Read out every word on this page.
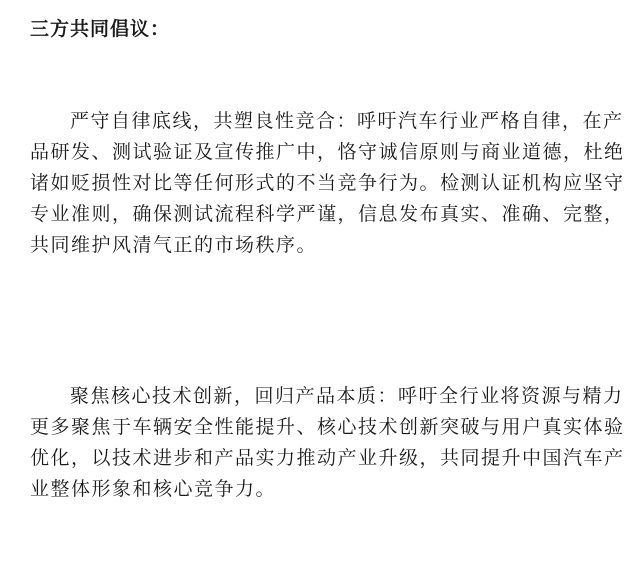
三方共同倡议：
严守自律底线，共塑良性竞合：呼吁汽车行业严格自律，在产
品研发、测试验证及宣传推广中，恪守诚信原则与商业道德，杜绝
诸如贬损性对比等任何形式的不当竞争行为。检测认证机构应坚守
专业准则，确保测试流程科学严谨，信息发布真实、准确、完整，
共同维护风清气正的市场秩序。
聚焦核心技术创新，回归产品本质：呼吁全行业将资源与精力
更多聚焦于车辆安全性能提升、核心技术创新突破与用户真实体验
优化，以技术进步和产品实力推动产业升级，共同提升中国汽车产
业整体形象和核心竞争力。
